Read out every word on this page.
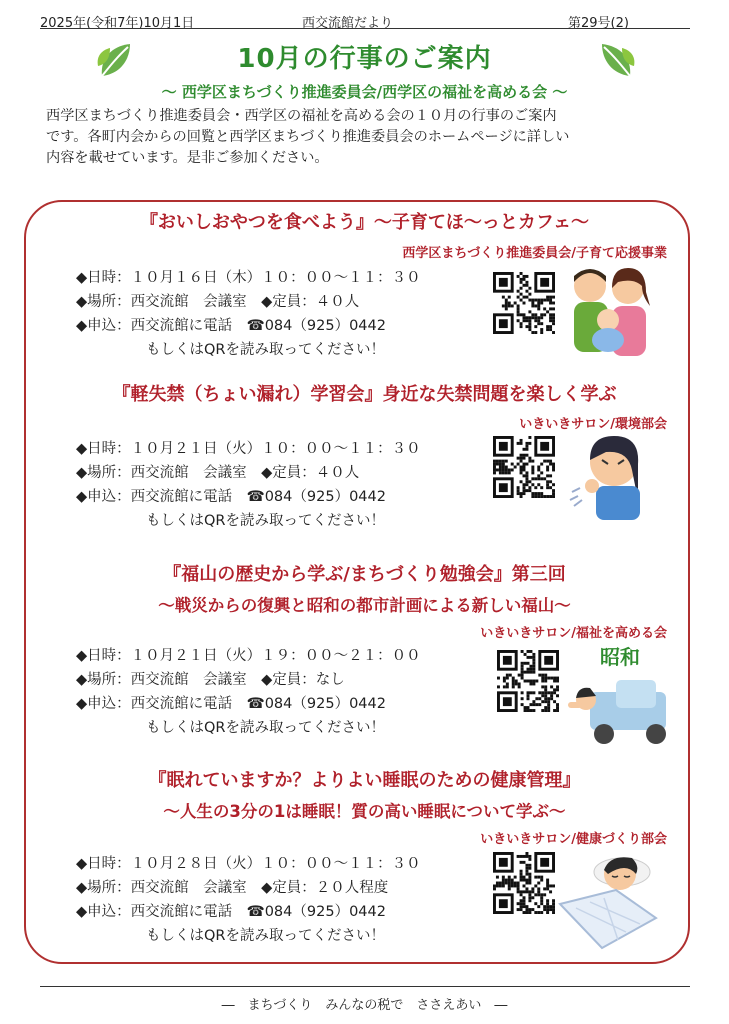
2025年(令和7年)10月1日	西交流館だより	第29号(2)
10月の行事のご案内
～ 西学区まちづくり推進委員会/西学区の福祉を高める会 ～
西学区まちづくり推進委員会・西学区の福祉を高める会の１０月の行事のご案内
です。各町内会からの回覧と西学区まちづくり推進委員会のホームページに詳しい
内容を載せています。是非ご参加ください。
『おいしおやつを食べよう』～子育てほ～っとカフェ～
西学区まちづくり推進委員会/子育て応援事業
◆日時：１０月１６日（木）１０：００～１１：３０
◆場所：西交流館　会議室　◆定員：４０人
◆申込：西交流館に電話　☎084（925）0442
もしくはQRを読み取ってください！
『軽失禁（ちょい漏れ）学習会』身近な失禁問題を楽しく学ぶ
いきいきサロン/環境部会
◆日時：１０月２１日（火）１０：００～１１：３０
◆場所：西交流館　会議室　◆定員：４０人
◆申込：西交流館に電話　☎084（925）0442
もしくはQRを読み取ってください！
『福山の歴史から学ぶ/まちづくり勉強会』第三回
～戦災からの復興と昭和の都市計画による新しい福山～
いきいきサロン/福祉を高める会
◆日時：１０月２１日（火）１９：００～２１：００
◆場所：西交流館　会議室　◆定員：なし
◆申込：西交流館に電話　☎084（925）0442
もしくはQRを読み取ってください！
昭和
『眠れていますか？よりよい睡眠のための健康管理』
～人生の3分の1は睡眠！質の高い睡眠について学ぶ～
いきいきサロン/健康づくり部会
◆日時：１０月２８日（火）１０：００～１１：３０
◆場所：西交流館　会議室　◆定員：２０人程度
◆申込：西交流館に電話　☎084（925）0442
もしくはQRを読み取ってください！
―　まちづくり　みんなの税で　ささえあい　―
